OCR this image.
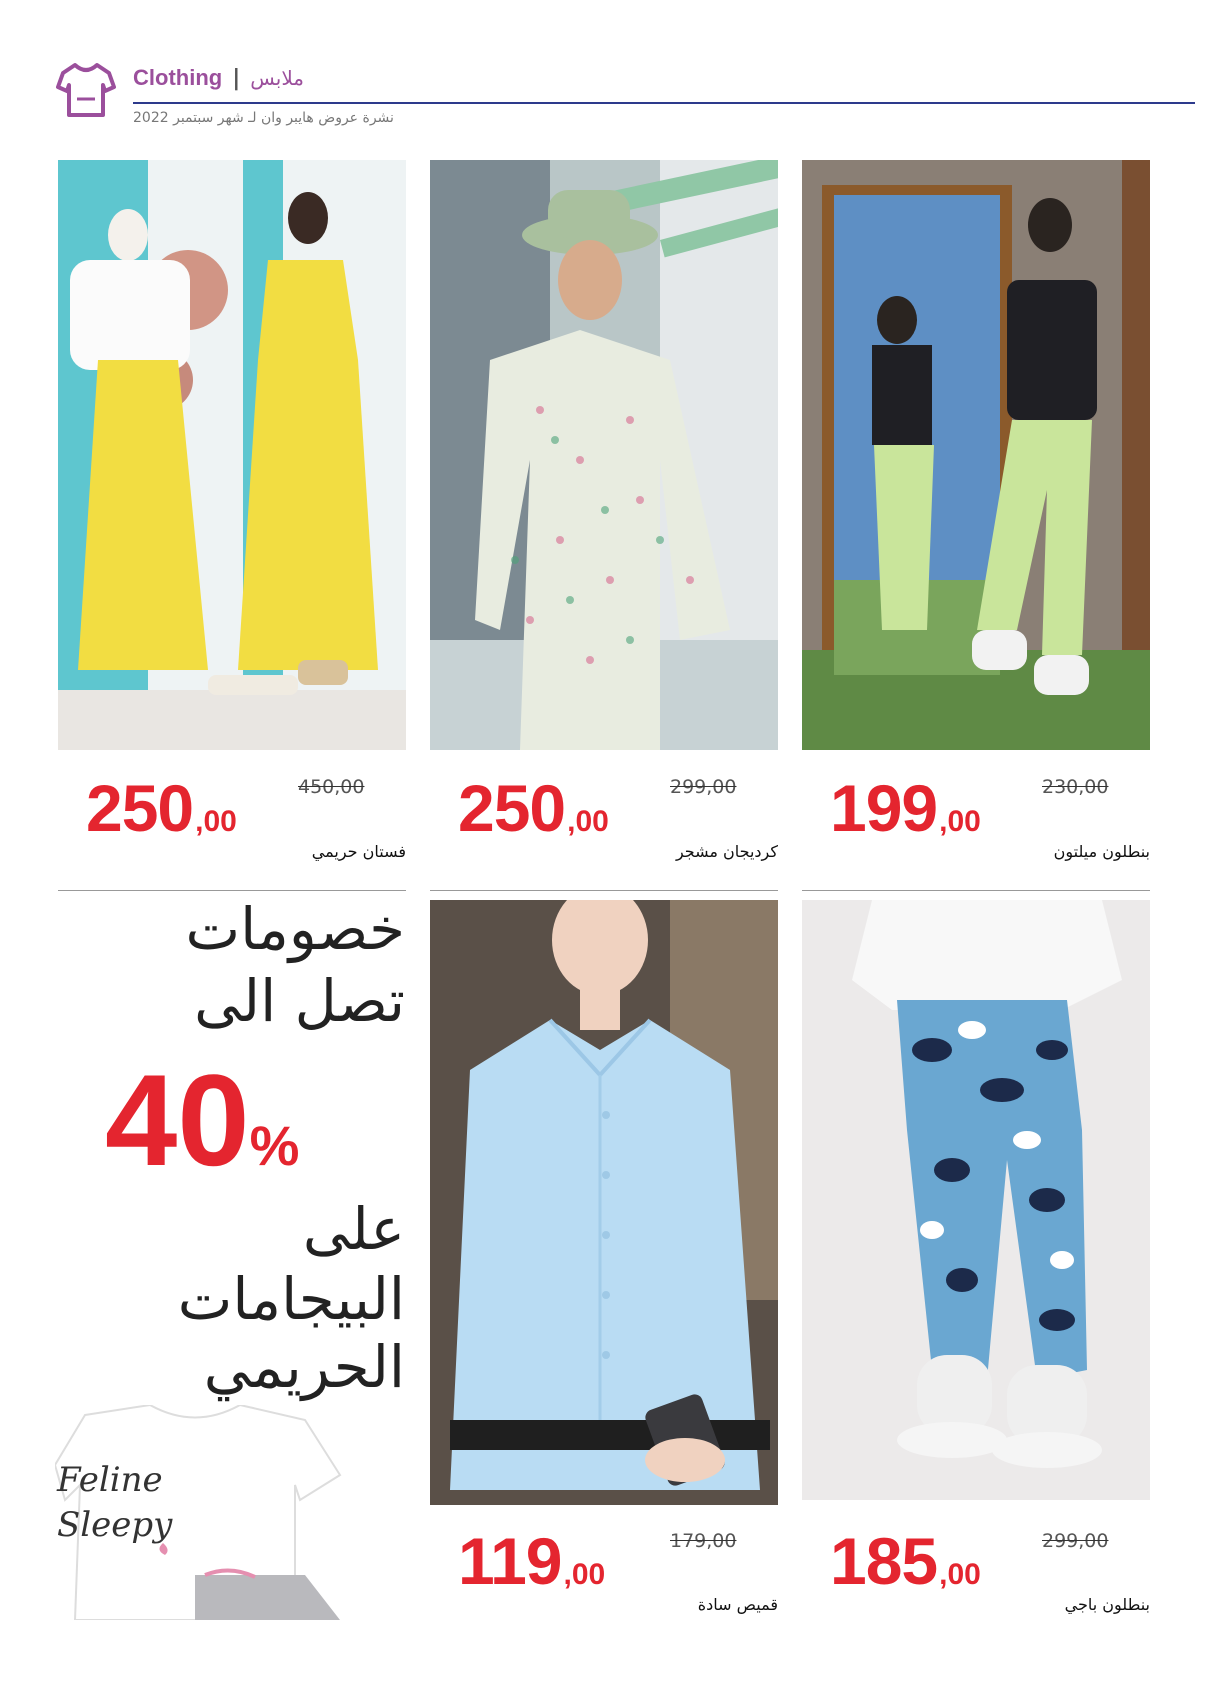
Clothing | ملابس
نشرة عروض هايبر وان لـ شهر سبتمبر 2022
450,00
250,00
فستان حريمي
299,00
250,00
كرديجان مشجر
230,00
199,00
بنطلون ميلتون
خصومات
تصل الى
40%
على
البيجامات
الحريمي
Feline
Sleepy	179,00
119,00
قميص سادة
299,00
185,00
بنطلون باجي
